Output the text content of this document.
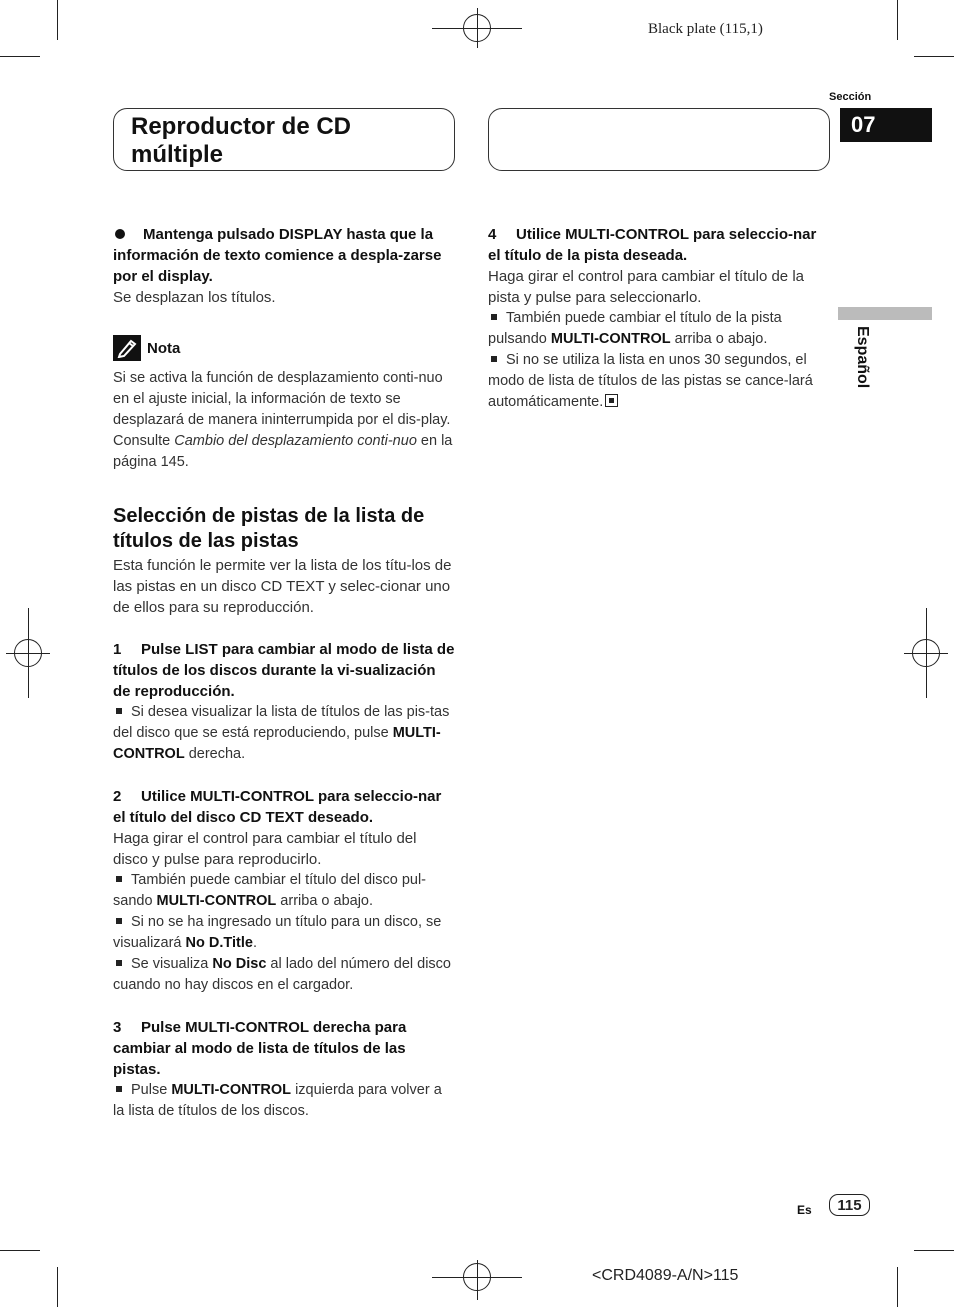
Black plate (115,1)
Reproductor de CD
múltiple
Sección
07
Español

Mantenga pulsado DISPLAY hasta que la información de texto comience a despla-zarse por el display.

Se desplazan los títulos.

Nota

Si se activa la función de desplazamiento conti-nuo en el ajuste inicial, la información de texto se desplazará de manera ininterrumpida por el dis-play. Consulte Cambio del desplazamiento conti-nuo en la página 145.

Selección de pistas de la lista de títulos de las pistas

Esta función le permite ver la lista de los títu-los de las pistas en un disco CD TEXT y selec-cionar uno de ellos para su reproducción.

1 Pulse LIST para cambiar al modo de lista de títulos de los discos durante la vi-sualización de reproducción.

Si desea visualizar la lista de títulos de las pis-tas del disco que se está reproduciendo, pulse MULTI-CONTROL derecha.

2 Utilice MULTI-CONTROL para seleccio-nar el título del disco CD TEXT deseado.

Haga girar el control para cambiar el título del disco y pulse para reproducirlo.

También puede cambiar el título del disco pul-sando MULTI-CONTROL arriba o abajo.

Si no se ha ingresado un título para un disco, se visualizará No D.Title.

Se visualiza No Disc al lado del número del disco cuando no hay discos en el cargador.

3 Pulse MULTI-CONTROL derecha para cambiar al modo de lista de títulos de las pistas.

Pulse MULTI-CONTROL izquierda para volver a la lista de títulos de los discos.

4 Utilice MULTI-CONTROL para seleccio-nar el título de la pista deseada.

Haga girar el control para cambiar el título de la pista y pulse para seleccionarlo.

También puede cambiar el título de la pista pulsando MULTI-CONTROL arriba o abajo.

Si no se utiliza la lista en unos 30 segundos, el modo de lista de títulos de las pistas se cance-lará automáticamente.

Es	115
<CRD4089-A/N>115
